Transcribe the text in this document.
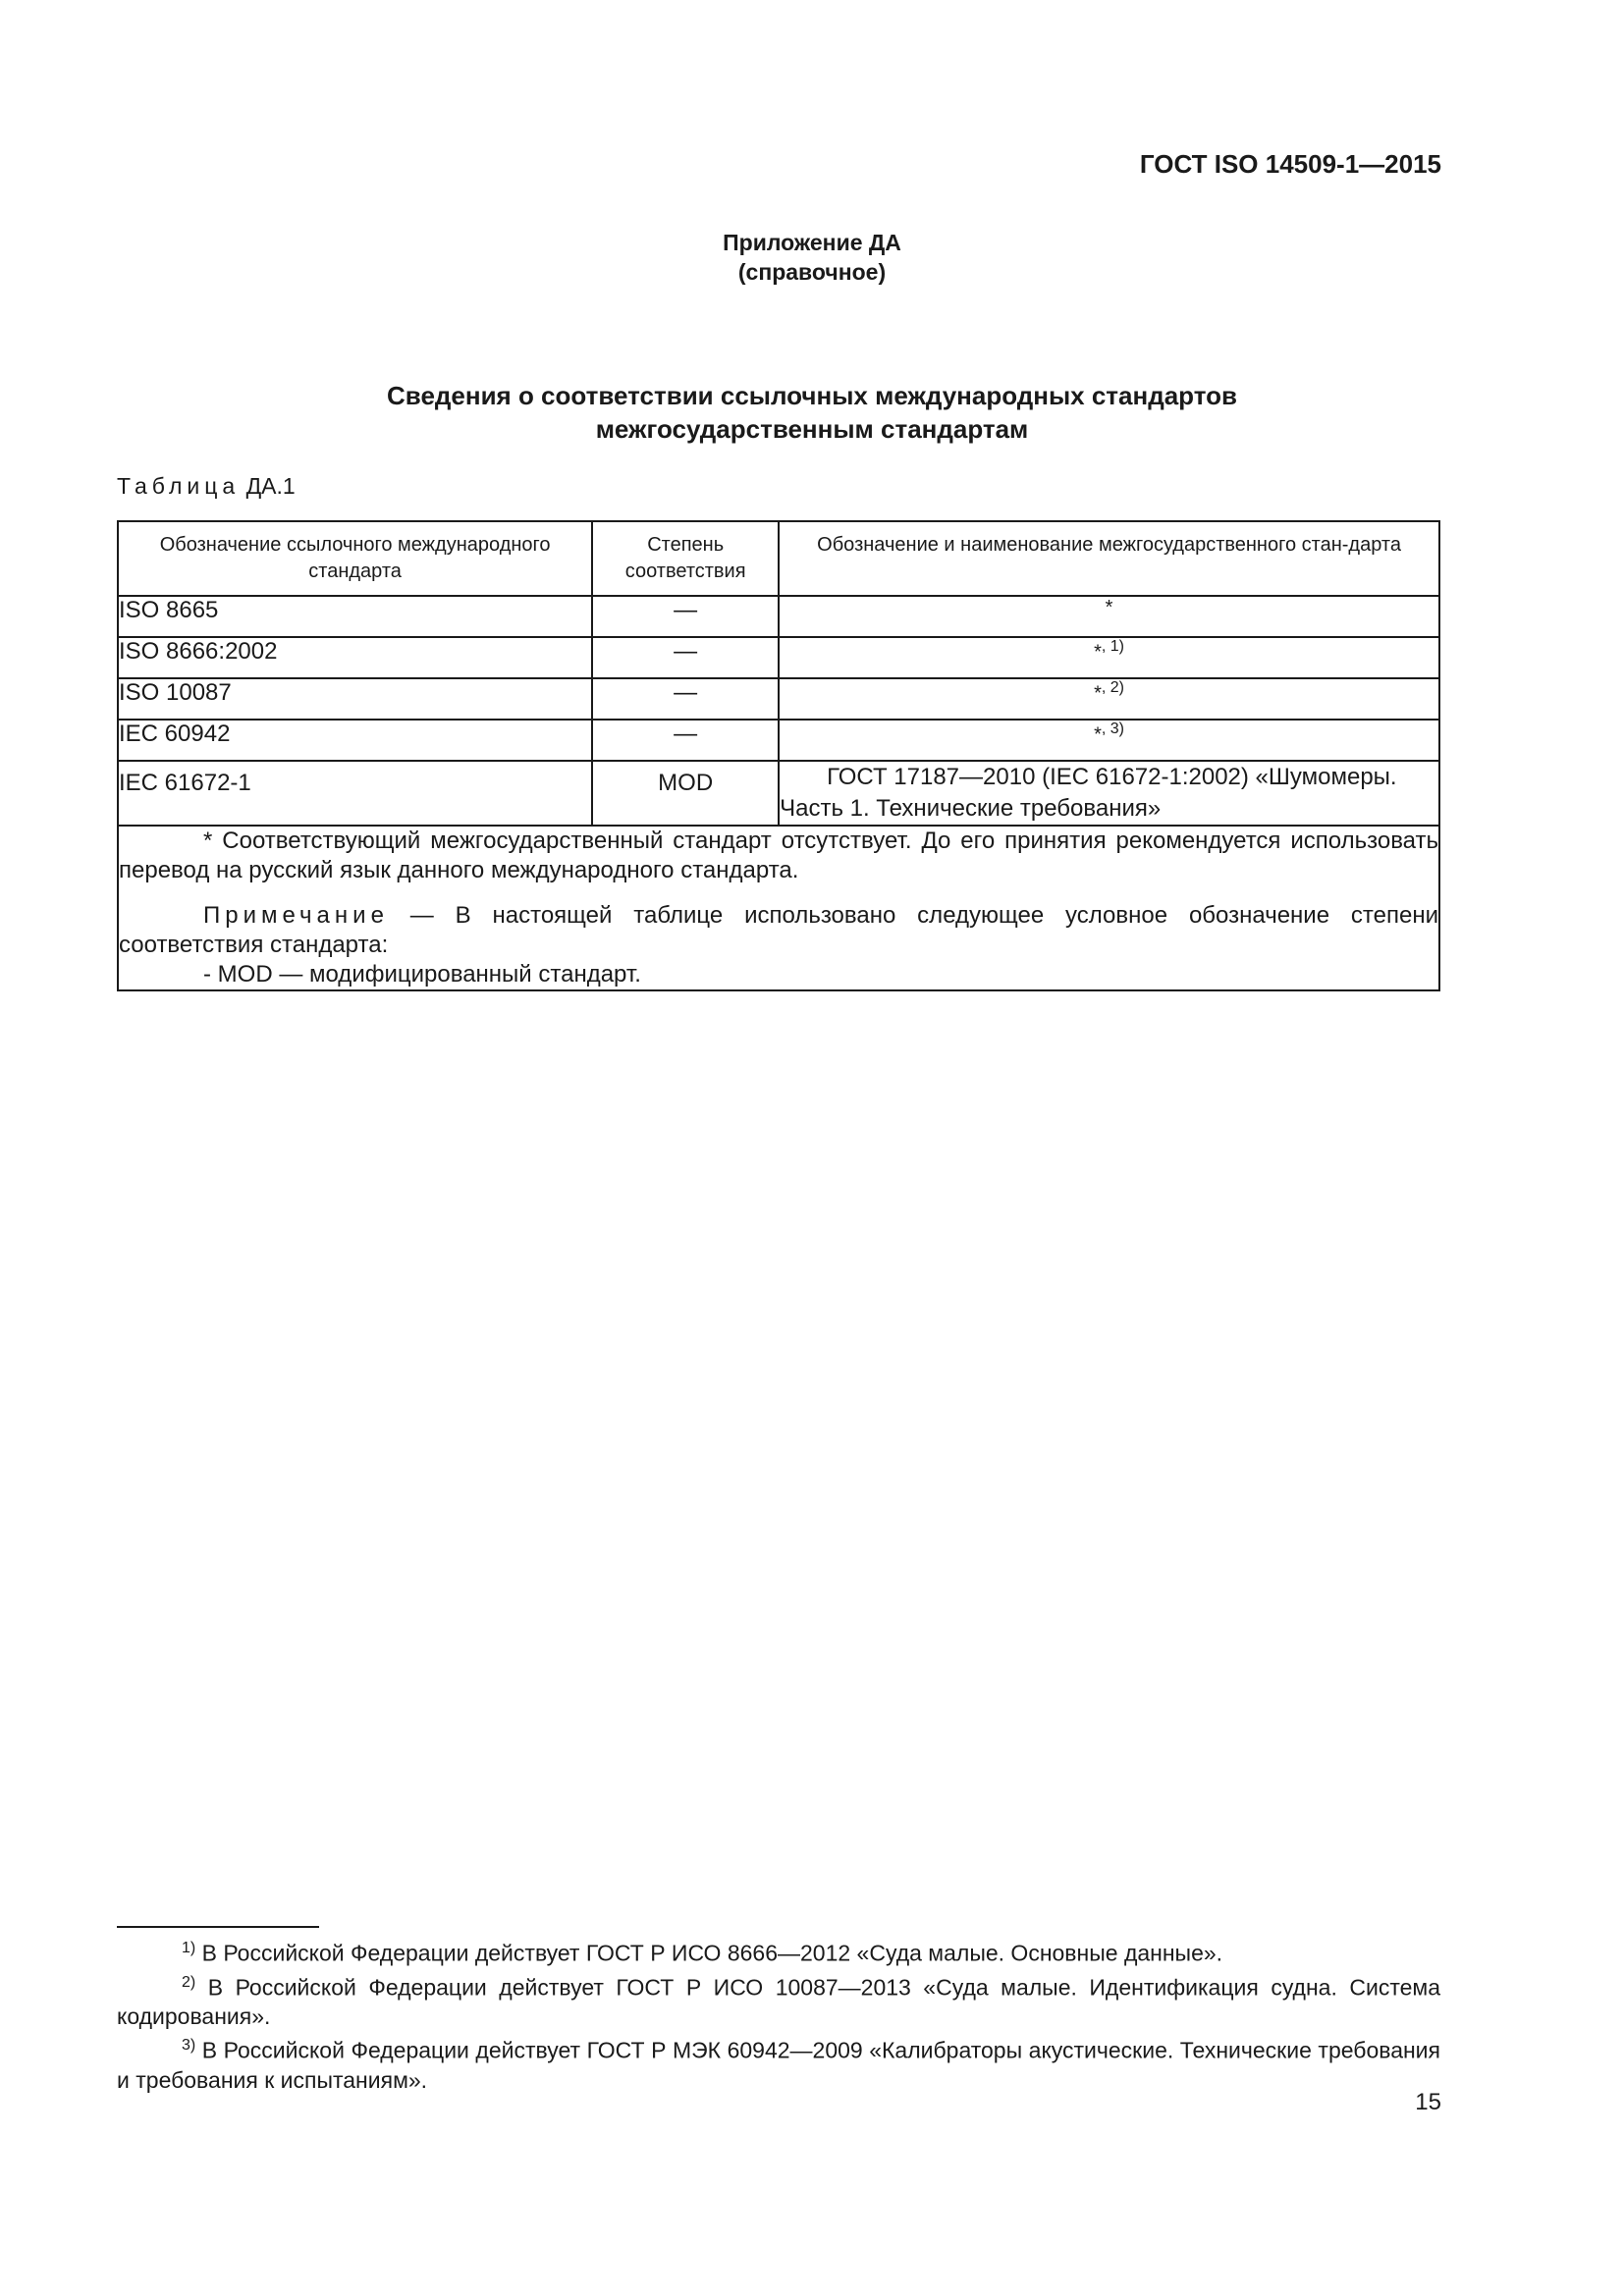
ГОСТ ISO 14509-1—2015
Приложение ДА
(справочное)
Сведения о соответствии ссылочных международных стандартов
межгосударственным стандартам
Таблица ДА.1
Обозначение ссылочного международного стандарта	Степень соответствия	Обозначение и наименование межгосударственного стан-дарта
ISO 8665	—	*
ISO 8666:2002	—	*$^{, 1)}$
ISO 10087	—	*$^{, 2)}$
IEC 60942	—	*$^{, 3)}$
IEC 61672-1	MOD	ГОСТ 17187—2010 (IEC 61672-1:2002) «Шумомеры. Часть 1. Технические требования»

* Соответствующий межгосударственный стандарт отсутствует. До его принятия рекомендуется использовать перевод на русский язык данного международного стандарта.

Примечание — В настоящей таблице использовано следующее условное обозначение степени соответствия стандарта:

- MOD — модифицированный стандарт.		

$^{1)}$ В Российской Федерации действует ГОСТ Р ИСО 8666—2012 «Суда малые. Основные данные».

$^{2)}$ В Российской Федерации действует ГОСТ Р ИСО 10087—2013 «Суда малые. Идентификация судна. Система кодирования».

$^{3)}$ В Российской Федерации действует ГОСТ Р МЭК 60942—2009 «Калибраторы акустические. Технические требования и требования к испытаниям».

15
